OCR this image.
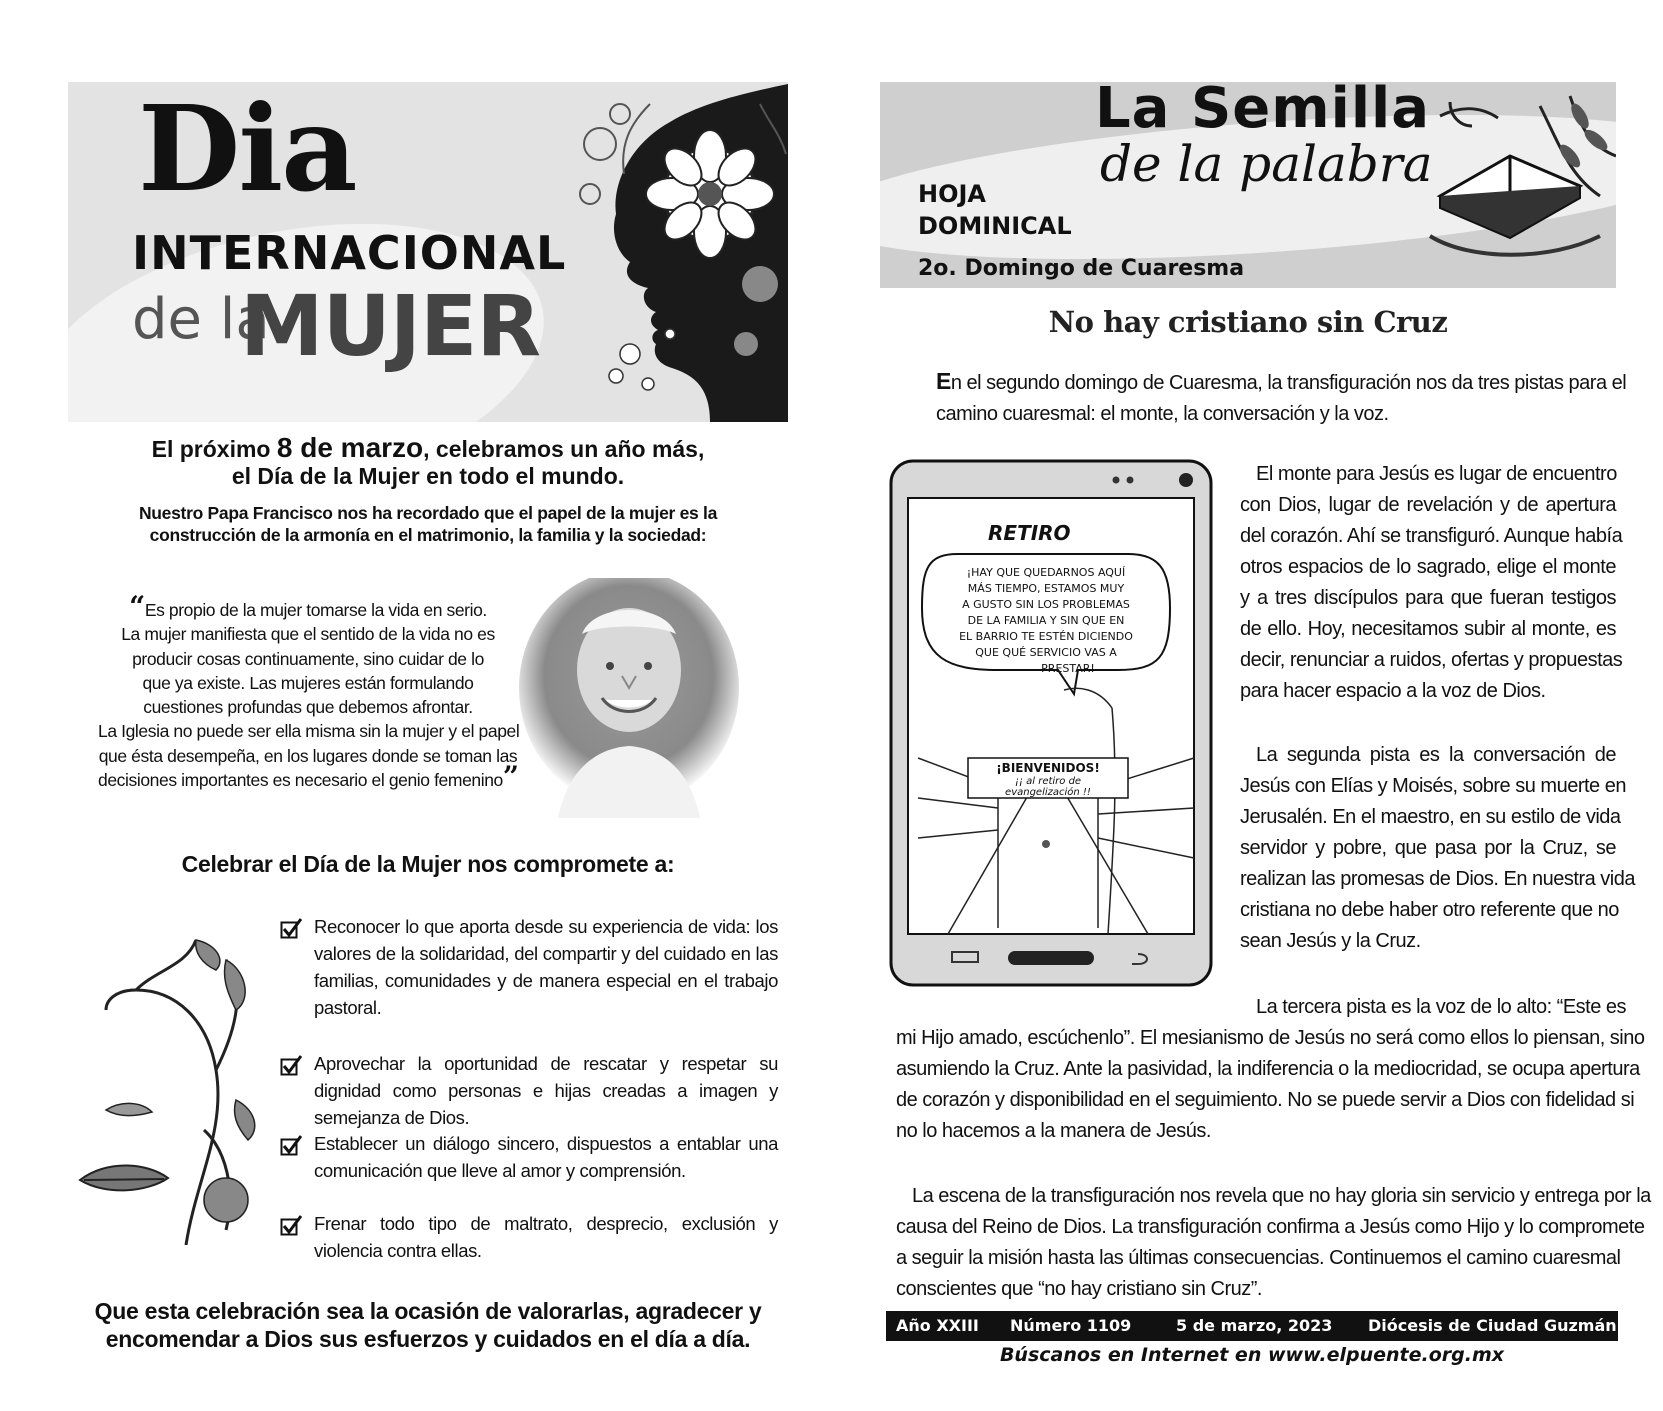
Dia
INTERNACIONAL
de la
MUJER
El próximo 8 de marzo, celebramos un año más,
el Día de la Mujer en todo el mundo.
Nuestro Papa Francisco nos ha recordado que el papel de la mujer es la
construcción de la armonía en el matrimonio, la familia y la sociedad:
“Es propio de la mujer tomarse la vida en serio.
La mujer manifiesta que el sentido de la vida no es
producir cosas continuamente, sino cuidar de lo
que ya existe. Las mujeres están formulando
cuestiones profundas que debemos afrontar.
La Iglesia no puede ser ella misma sin la mujer y el papel
que ésta desempeña, en los lugares donde se toman las
decisiones importantes es necesario el genio femenino”
Celebrar el Día de la Mujer nos compromete a:
Reconocer lo que aporta desde su experiencia de vida: los valores de la solidaridad, del compartir y del cuidado en las familias, comunidades y de manera especial en el trabajo pastoral.
Aprovechar la oportunidad de rescatar y respetar su dignidad como personas e hijas creadas a imagen y semejanza de Dios.
Establecer un diálogo sincero, dispuestos a entablar una comunicación que lleve al amor y comprensión.
Frenar todo tipo de maltrato, desprecio, exclusión y violencia contra ellas.
Que esta celebración sea la ocasión de valorarlas, agradecer y
encomendar a Dios sus esfuerzos y cuidados en el día a día.
La Semilla
de la palabra
HOJA
DOMINICAL
2o. Domingo de Cuaresma
No hay cristiano sin Cruz
En el segundo domingo de Cuaresma, la transfiguración nos da tres pistas para el
camino cuaresmal: el monte, la conversación y la voz.
RETIRO
¡HAY QUE QUEDARNOS AQUÍ
MÁS TIEMPO, ESTAMOS MUY
A GUSTO SIN LOS PROBLEMAS
DE LA FAMILIA Y SIN QUE EN
EL BARRIO TE ESTÉN DICIENDO
QUE QUÉ SERVICIO VAS A
PRESTAR!
¡BIENVENIDOS!
¡¡ al retiro de
evangelización !!
El monte para Jesús es lugar de encuentro
con Dios, lugar de revelación y de apertura
del corazón. Ahí se transfiguró. Aunque había
otros espacios de lo sagrado, elige el monte
y a tres discípulos para que fueran testigos
de ello. Hoy, necesitamos subir al monte, es
decir, renunciar a ruidos, ofertas y propuestas
para hacer espacio a la voz de Dios.
La segunda pista es la conversación de
Jesús con Elías y Moisés, sobre su muerte en
Jerusalén. En el maestro, en su estilo de vida
servidor y pobre, que pasa por la Cruz, se
realizan las promesas de Dios. En nuestra vida
cristiana no debe haber otro referente que no
sean Jesús y la Cruz.
La tercera pista es la voz de lo alto: “Este es
mi Hijo amado, escúchenlo”. El mesianismo de Jesús no será como ellos lo piensan, sino
asumiendo la Cruz. Ante la pasividad, la indiferencia o la mediocridad, se ocupa apertura
de corazón y disponibilidad en el seguimiento. No se puede servir a Dios con fidelidad si
no lo hacemos a la manera de Jesús.
La escena de la transfiguración nos revela que no hay gloria sin servicio y entrega por la
causa del Reino de Dios. La transfiguración confirma a Jesús como Hijo y lo compromete
a seguir la misión hasta las últimas consecuencias. Continuemos el camino cuaresmal
conscientes que “no hay cristiano sin Cruz”.
Año XXIII Número 1109	5 de marzo, 2023 Diócesis de Ciudad Guzmán
Búscanos en Internet en www.elpuente.org.mx
